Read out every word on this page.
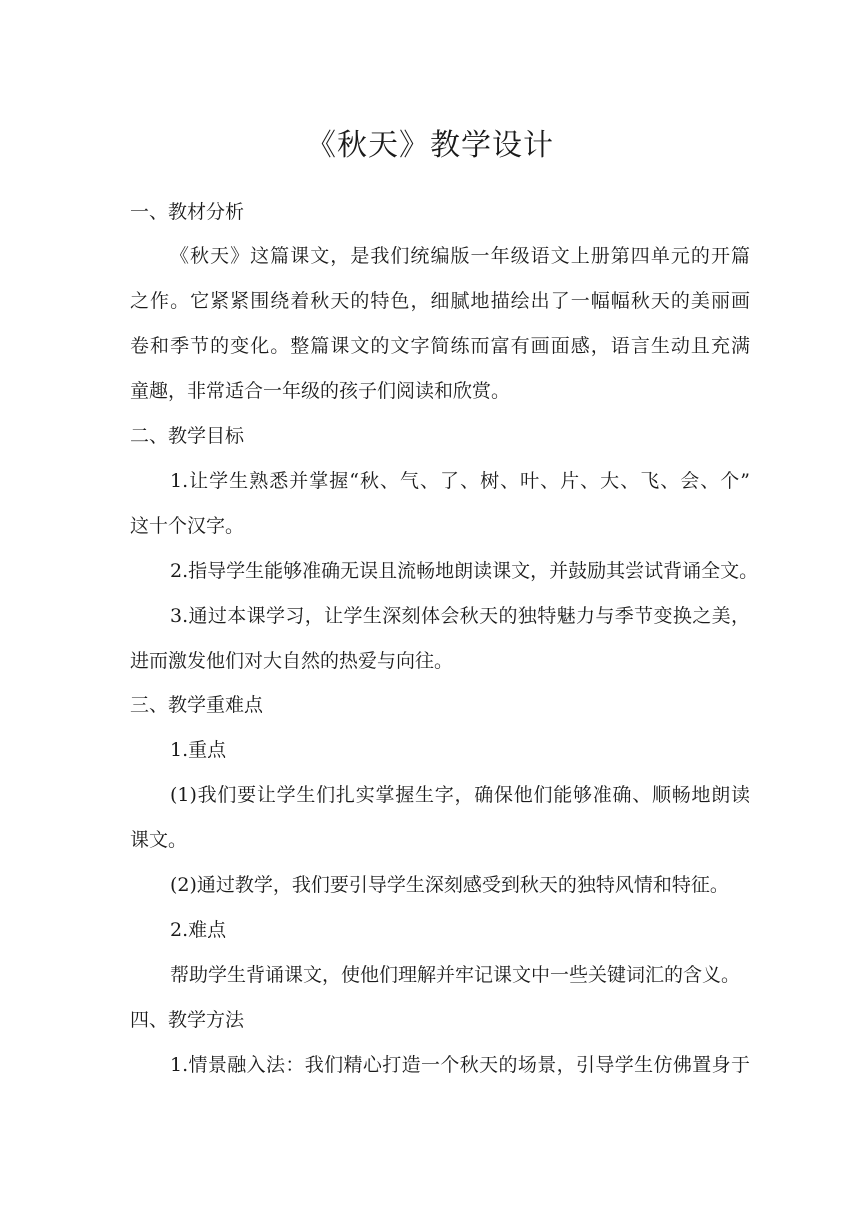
《秋天》教学设计
一、教材分析
《秋天》这篇课文，是我们统编版一年级语文上册第四单元的开篇
之作。它紧紧围绕着秋天的特色，细腻地描绘出了一幅幅秋天的美丽画
卷和季节的变化。整篇课文的文字简练而富有画面感，语言生动且充满
童趣，非常适合一年级的孩子们阅读和欣赏。
二、教学目标
1.让学生熟悉并掌握“秋、气、了、树、叶、片、大、飞、会、个”
这十个汉字。
2.指导学生能够准确无误且流畅地朗读课文，并鼓励其尝试背诵全文。
3.通过本课学习，让学生深刻体会秋天的独特魅力与季节变换之美，
进而激发他们对大自然的热爱与向往。
三、教学重难点
1.重点
(1)我们要让学生们扎实掌握生字，确保他们能够准确、顺畅地朗读
课文。
(2)通过教学，我们要引导学生深刻感受到秋天的独特风情和特征。
2.难点
帮助学生背诵课文，使他们理解并牢记课文中一些关键词汇的含义。
四、教学方法
1.情景融入法：我们精心打造一个秋天的场景，引导学生仿佛置身于
